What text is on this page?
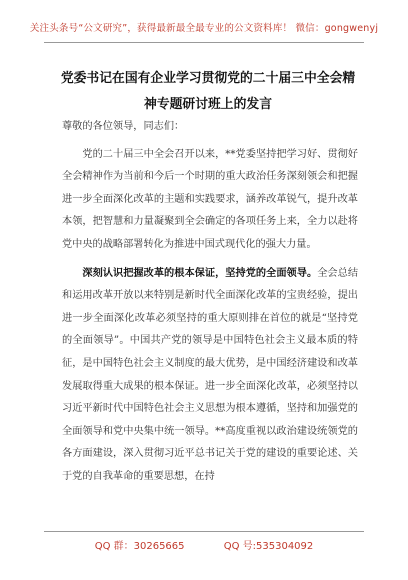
关注头条号“公文研究”，获得最新最全最专业的公文资料库！ 微信：gongwenyj
党委书记在国有企业学习贯彻党的二十届三中全会精神专题研讨班上的发言

尊敬的各位领导，同志们：

党的二十届三中全会召开以来，**党委坚持把学习好、贯彻好全会精神作为当前和今后一个时期的重大政治任务深刻领会和把握进一步全面深化改革的主题和实践要求，涵养改革锐气，提升改革本领，把智慧和力量凝聚到全会确定的各项任务上来，全力以赴将党中央的战略部署转化为推进中国式现代化的强大力量。

深刻认识把握改革的根本保证，坚持党的全面领导。全会总结和运用改革开放以来特别是新时代全面深化改革的宝贵经验，提出进一步全面深化改革必须坚持的重大原则排在首位的就是“坚持党的全面领导”。中国共产党的领导是中国特色社会主义最本质的特征，是中国特色社会主义制度的最大优势，是中国经济建设和改革发展取得重大成果的根本保证。进一步全面深化改革，必须坚持以习近平新时代中国特色社会主义思想为根本遵循，坚持和加强党的全面领导和党中央集中统一领导。**高度重视以政治建设统领党的各方面建设，深入贯彻习近平总书记关于党的建设的重要论述、关于党的自我革命的重要思想，在持

QQ 群：30265665	QQ 号:535304092
